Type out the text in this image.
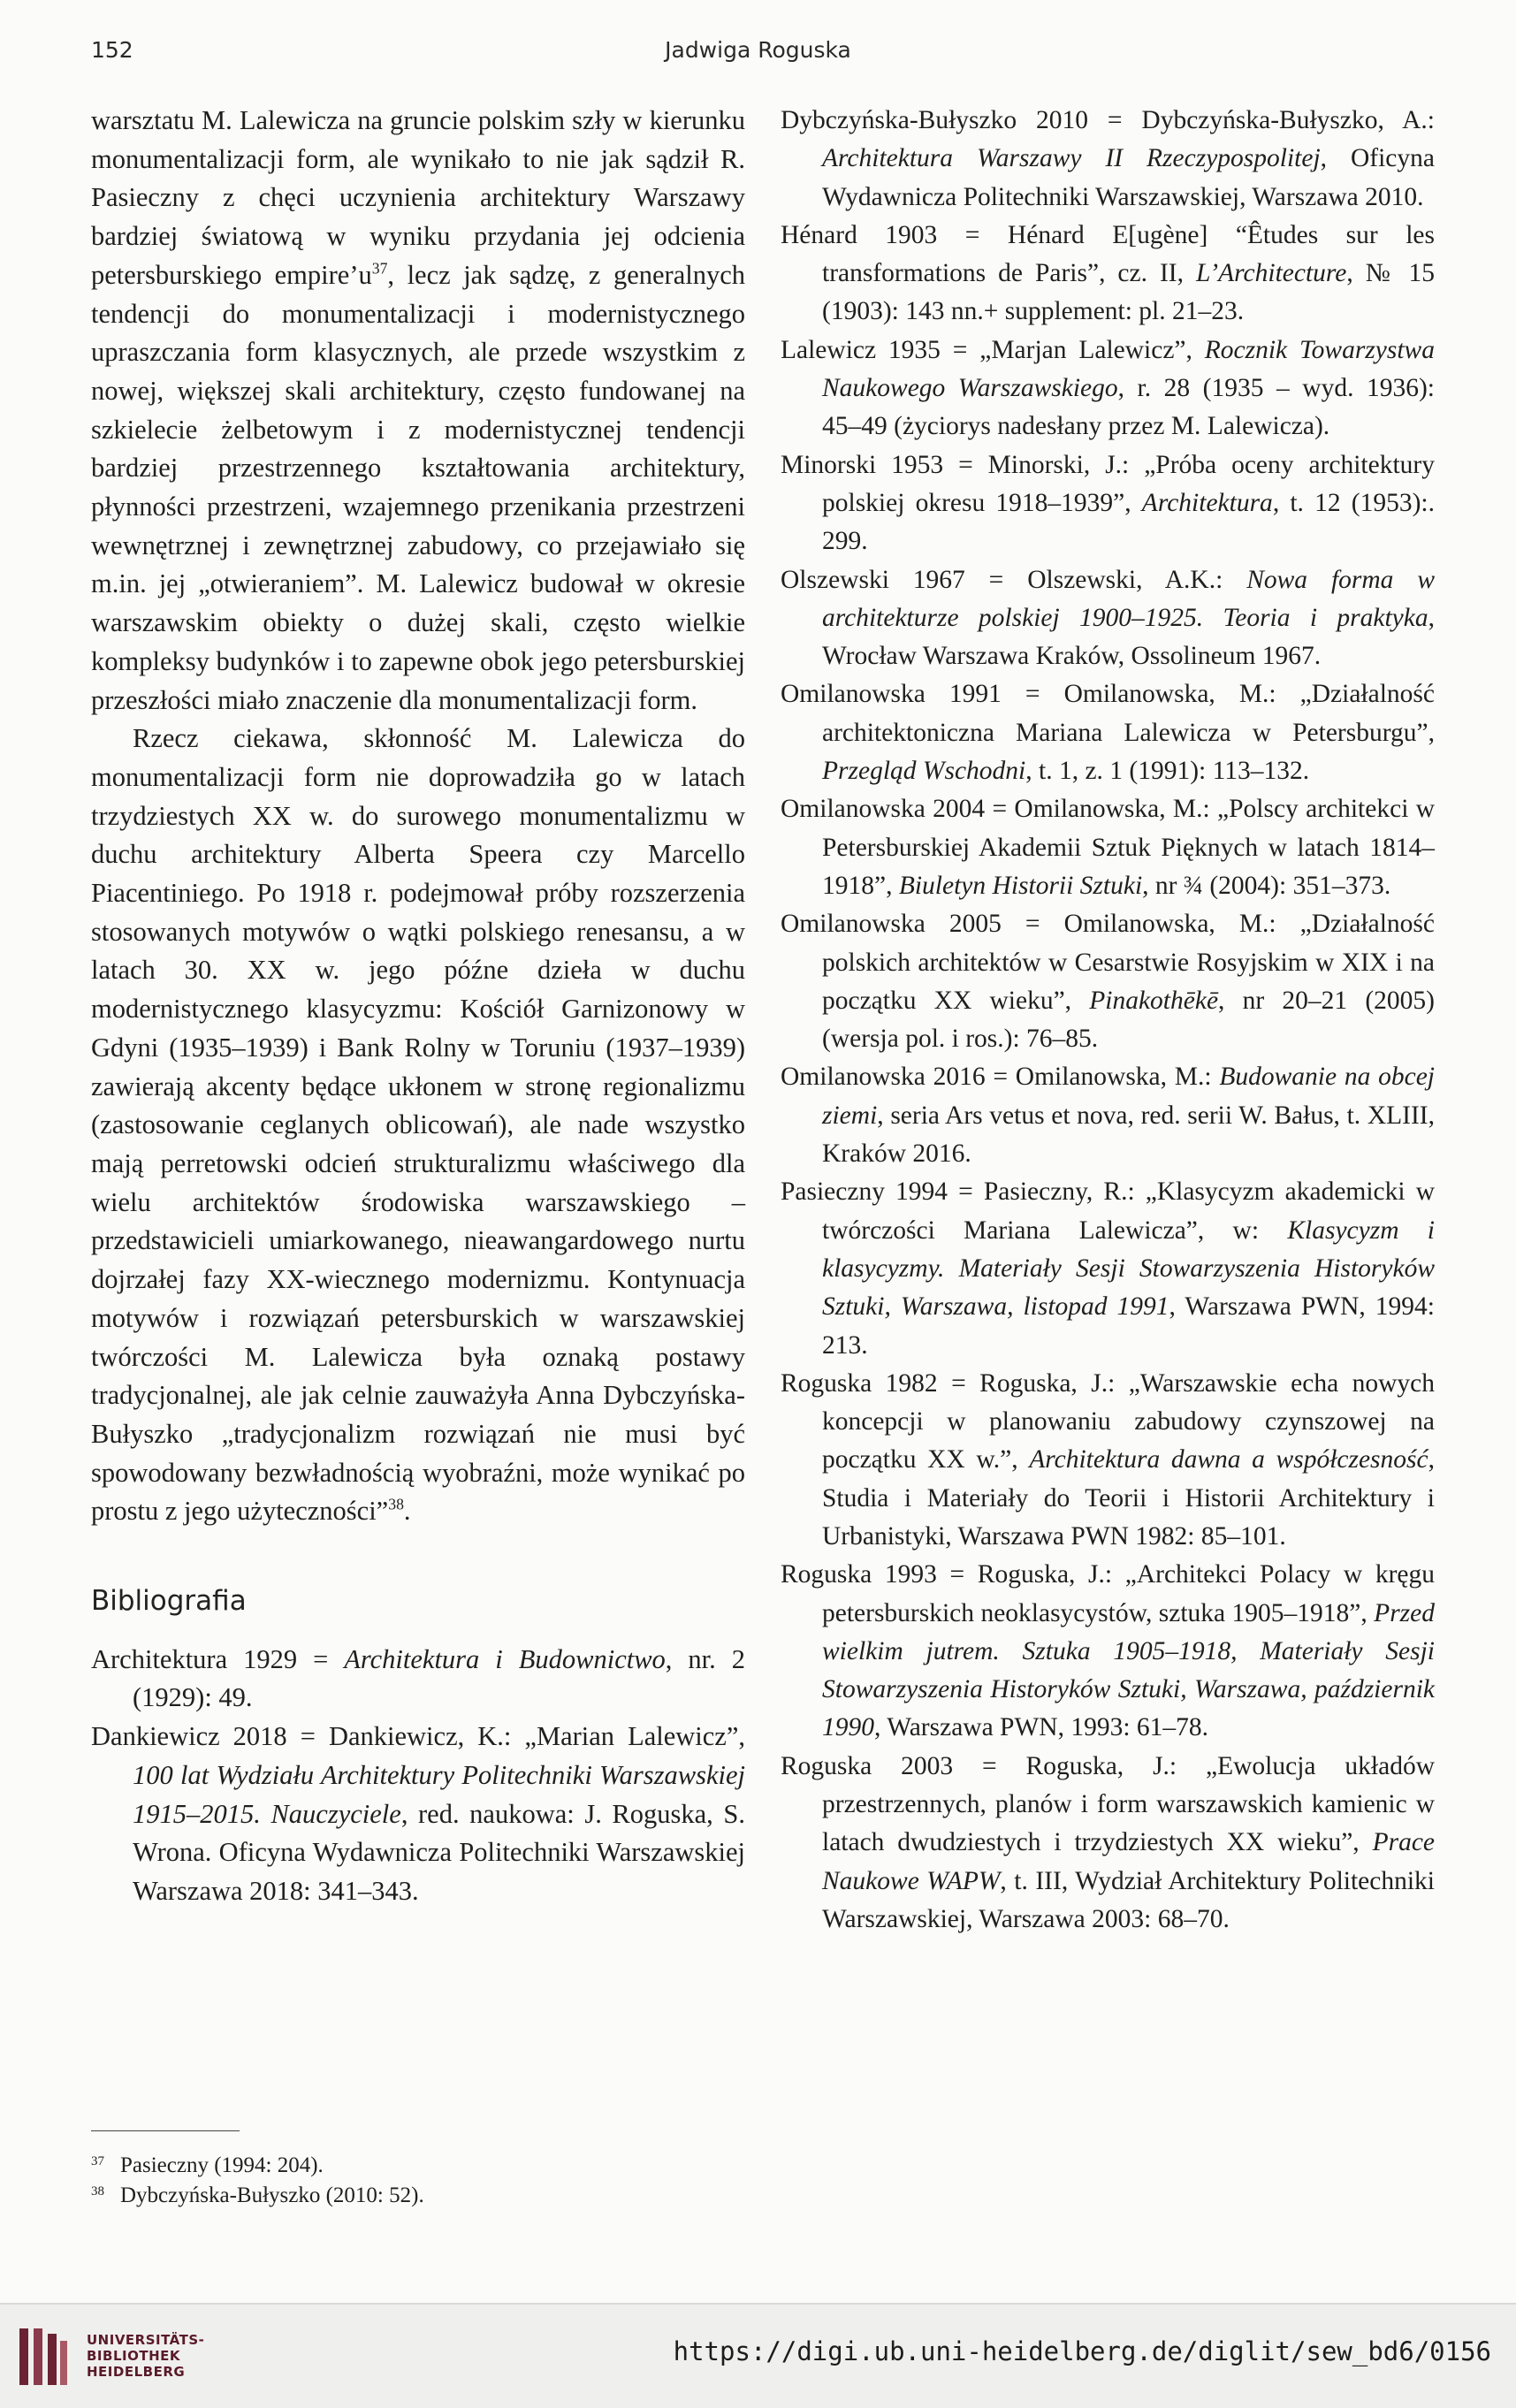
152	Jadwiga Roguska

warsztatu M. Lalewicza na gruncie polskim szły w kierunku monumentalizacji form, ale wynikało to nie jak sądził R. Pasieczny z chęci uczynienia architektury Warszawy bardziej światową w wyniku przydania jej odcienia petersburskiego $empire’u^{37}$, lecz jak sądzę, z generalnych tendencji do monumentalizacji i modernistycznego upraszczania form klasycznych, ale przede wszystkim z nowej, większej skali architektury, często fundowanej na szkielecie żelbetowym i z modernistycznej tendencji bardziej przestrzennego kształtowania architektury, płynności przestrzeni, wzajemnego przenikania przestrzeni wewnętrznej i zewnętrznej zabudowy, co przejawiało się m.in. jej „otwieraniem”. M. Lalewicz budował w okresie warszawskim obiekty o dużej skali, często wielkie kompleksy budynków i to zapewne obok jego petersburskiej przeszłości miało znaczenie dla monumentalizacji form.

Rzecz ciekawa, skłonność M. Lalewicza do monumentalizacji form nie doprowadziła go w latach trzydziestych XX w. do surowego monumentalizmu w duchu architektury Alberta Speera czy Marcello Piacentiniego. Po 1918 r. podejmował próby rozszerzenia stosowanych motywów o wątki polskiego renesansu, a w latach 30. XX w. jego późne dzieła w duchu modernistycznego klasycyzmu: Kościół Garnizonowy w Gdyni (1935–1939) i Bank Rolny w Toruniu (1937–1939) zawierają akcenty będące ukłonem w stronę regionalizmu (zastosowanie ceglanych oblicowań), ale nade wszystko mają perretowski odcień strukturalizmu właściwego dla wielu architektów środowiska warszawskiego – przedstawicieli umiarkowanego, nieawangardowego nurtu dojrzałej fazy XX-wiecznego modernizmu. Kontynuacja motywów i rozwiązań petersburskich w warszawskiej twórczości M. Lalewicza była oznaką postawy tradycjonalnej, ale jak celnie zauważyła Anna Dybczyńska-Bułyszko „tradycjonalizm rozwiązań nie musi być spowodowany bezwładnością wyobraźni, może wynikać po prostu z jego użyteczności”$^{38}$.

Bibliografia

Architektura 1929 = Architektura i Budownictwo, nr. 2 (1929): 49.

Dankiewicz 2018 = Dankiewicz, K.: „Marian Lalewicz”, 100 lat Wydziału Architektury Politechniki Warszawskiej 1915–2015. Nauczyciele, red. naukowa: J. Roguska, S. Wrona. Oficyna Wydawnicza Politechniki Warszawskiej Warszawa 2018: 341–343.

Dybczyńska-Bułyszko 2010 = Dybczyńska-Bułyszko, A.: Architektura Warszawy II Rzeczypospolitej, Oficyna Wydawnicza Politechniki Warszawskiej, Warszawa 2010.

Hénard 1903 = Hénard E[ugène] “Êtudes sur les transformations de Paris”, cz. II, L’Architecture, № 15 (1903): 143 nn.+ supplement: pl. 21–23.

Lalewicz 1935 = „Marjan Lalewicz”, Rocznik Towarzystwa Naukowego Warszawskiego, r. 28 (1935 – wyd. 1936): 45–49 (życiorys nadesłany przez M. Lalewicza).

Minorski 1953 = Minorski, J.: „Próba oceny architektury polskiej okresu 1918–1939”, Architektura, t. 12 (1953):. 299.

Olszewski 1967 = Olszewski, A.K.: Nowa forma w architekturze polskiej 1900–1925. Teoria i praktyka, Wrocław Warszawa Kraków, Ossolineum 1967.

Omilanowska 1991 = Omilanowska, M.: „Działalność architektoniczna Mariana Lalewicza w Petersburgu”, Przegląd Wschodni, t. 1, z. 1 (1991): 113–132.

Omilanowska 2004 = Omilanowska, M.: „Polscy architekci w Petersburskiej Akademii Sztuk Pięknych w latach 1814–1918”, Biuletyn Historii Sztuki, nr ¾ (2004): 351–373.

Omilanowska 2005 = Omilanowska, M.: „Działalność polskich architektów w Cesarstwie Rosyjskim w XIX i na początku XX wieku”, Pinakothēkē, nr 20–21 (2005) (wersja pol. i ros.): 76–85.

Omilanowska 2016 = Omilanowska, M.: Budowanie na obcej ziemi, seria Ars vetus et nova, red. serii W. Bałus, t. XLIII, Kraków 2016.

Pasieczny 1994 = Pasieczny, R.: „Klasycyzm akademicki w twórczości Mariana Lalewicza”, w: Klasycyzm i klasycyzmy. Materiały Sesji Stowarzyszenia Historyków Sztuki, Warszawa, listopad 1991, Warszawa PWN, 1994: 213.

Roguska 1982 = Roguska, J.: „Warszawskie echa nowych koncepcji w planowaniu zabudowy czynszowej na początku XX w.”, Architektura dawna a współczesność, Studia i Materiały do Teorii i Historii Architektury i Urbanistyki, Warszawa PWN 1982: 85–101.

Roguska 1993 = Roguska, J.: „Architekci Polacy w kręgu petersburskich neoklasycystów, sztuka 1905–1918”, Przed wielkim jutrem. Sztuka 1905–1918, Materiały Sesji Stowarzyszenia Historyków Sztuki, Warszawa, październik 1990, Warszawa PWN, 1993: 61–78.

Roguska 2003 = Roguska, J.: „Ewolucja układów przestrzennych, planów i form warszawskich kamienic w latach dwudziestych i trzydziestych XX wieku”, Prace Naukowe WAPW, t. III, Wydział Architektury Politechniki Warszawskiej, Warszawa 2003: 68–70.

$^{37}$ Pasieczny (1994: 204).

$^{38}$ Dybczyńska-Bułyszko (2010: 52).

UNIVERSITÄTS-
BIBLIOTHEK
HEIDELBERG
https://digi.ub.uni-heidelberg.de/diglit/sew_bd6/0156
